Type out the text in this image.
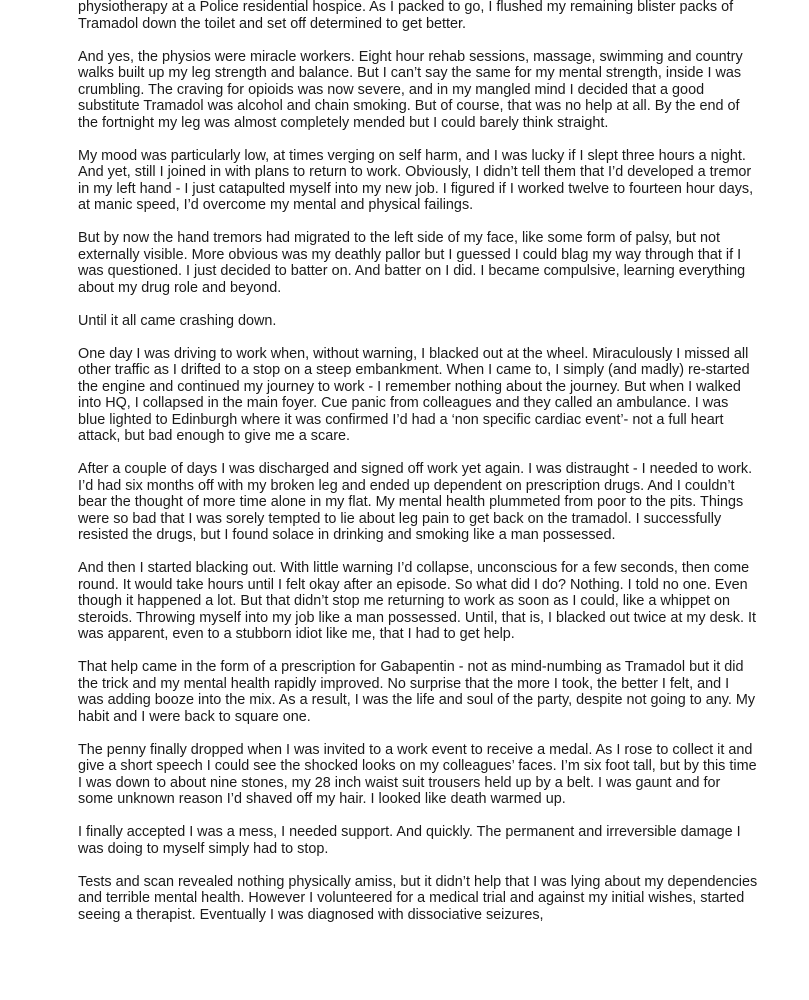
physiotherapy at a Police residential hospice. As I packed to go, I flushed my remaining blister packs of Tramadol down the toilet and set off determined to get better.

And yes, the physios were miracle workers. Eight hour rehab sessions, massage, swimming and country walks built up my leg strength and balance. But I can’t say the same for my mental strength, inside I was crumbling. The craving for opioids was now severe, and in my mangled mind I decided that a good substitute Tramadol was alcohol and chain smoking. But of course, that was no help at all. By the end of the fortnight my leg was almost completely mended but I could barely think straight.

My mood was particularly low, at times verging on self harm, and I was lucky if I slept three hours a night. And yet, still I joined in with plans to return to work. Obviously, I didn’t tell them that I’d developed a tremor in my left hand - I just catapulted myself into my new job. I figured if I worked twelve to fourteen hour days, at manic speed, I’d overcome my mental and physical failings.

But by now the hand tremors had migrated to the left side of my face, like some form of palsy, but not externally visible. More obvious was my deathly pallor but I guessed I could blag my way through that if I was questioned. I just decided to batter on. And batter on I did. I became compulsive, learning everything about my drug role and beyond.

Until it all came crashing down.

One day I was driving to work when, without warning, I blacked out at the wheel. Miraculously I missed all other traffic as I drifted to a stop on a steep embankment. When I came to, I simply (and madly) re-started the engine and continued my journey to work - I remember nothing about the journey. But when I walked into HQ, I collapsed in the main foyer. Cue panic from colleagues and they called an ambulance. I was blue lighted to Edinburgh where it was confirmed I’d had a ‘non specific cardiac event’- not a full heart attack, but bad enough to give me a scare.

After a couple of days I was discharged and signed off work yet again. I was distraught - I needed to work. I’d had six months off with my broken leg and ended up dependent on prescription drugs. And I couldn’t bear the thought of more time alone in my flat. My mental health plummeted from poor to the pits. Things were so bad that I was sorely tempted to lie about leg pain to get back on the tramadol. I successfully resisted the drugs, but I found solace in drinking and smoking like a man possessed.

And then I started blacking out. With little warning I’d collapse, unconscious for a few seconds, then come round. It would take hours until I felt okay after an episode. So what did I do? Nothing. I told no one. Even though it happened a lot. But that didn’t stop me returning to work as soon as I could, like a whippet on steroids. Throwing myself into my job like a man possessed. Until, that is, I blacked out twice at my desk. It was apparent, even to a stubborn idiot like me, that I had to get help.

That help came in the form of a prescription for Gabapentin - not as mind-numbing as Tramadol but it did the trick and my mental health rapidly improved. No surprise that the more I took, the better I felt, and I was adding booze into the mix. As a result, I was the life and soul of the party, despite not going to any. My habit and I were back to square one.

The penny finally dropped when I was invited to a work event to receive a medal. As I rose to collect it and give a short speech I could see the shocked looks on my colleagues’ faces. I’m six foot tall, but by this time I was down to about nine stones, my 28 inch waist suit trousers held up by a belt. I was gaunt and for some unknown reason I’d shaved off my hair. I looked like death warmed up.

I finally accepted I was a mess, I needed support. And quickly. The permanent and irreversible damage I was doing to myself simply had to stop.

Tests and scan revealed nothing physically amiss, but it didn’t help that I was lying about my dependencies and terrible mental health. However I volunteered for a medical trial and against my initial wishes, started seeing a therapist. Eventually I was diagnosed with dissociative seizures,
